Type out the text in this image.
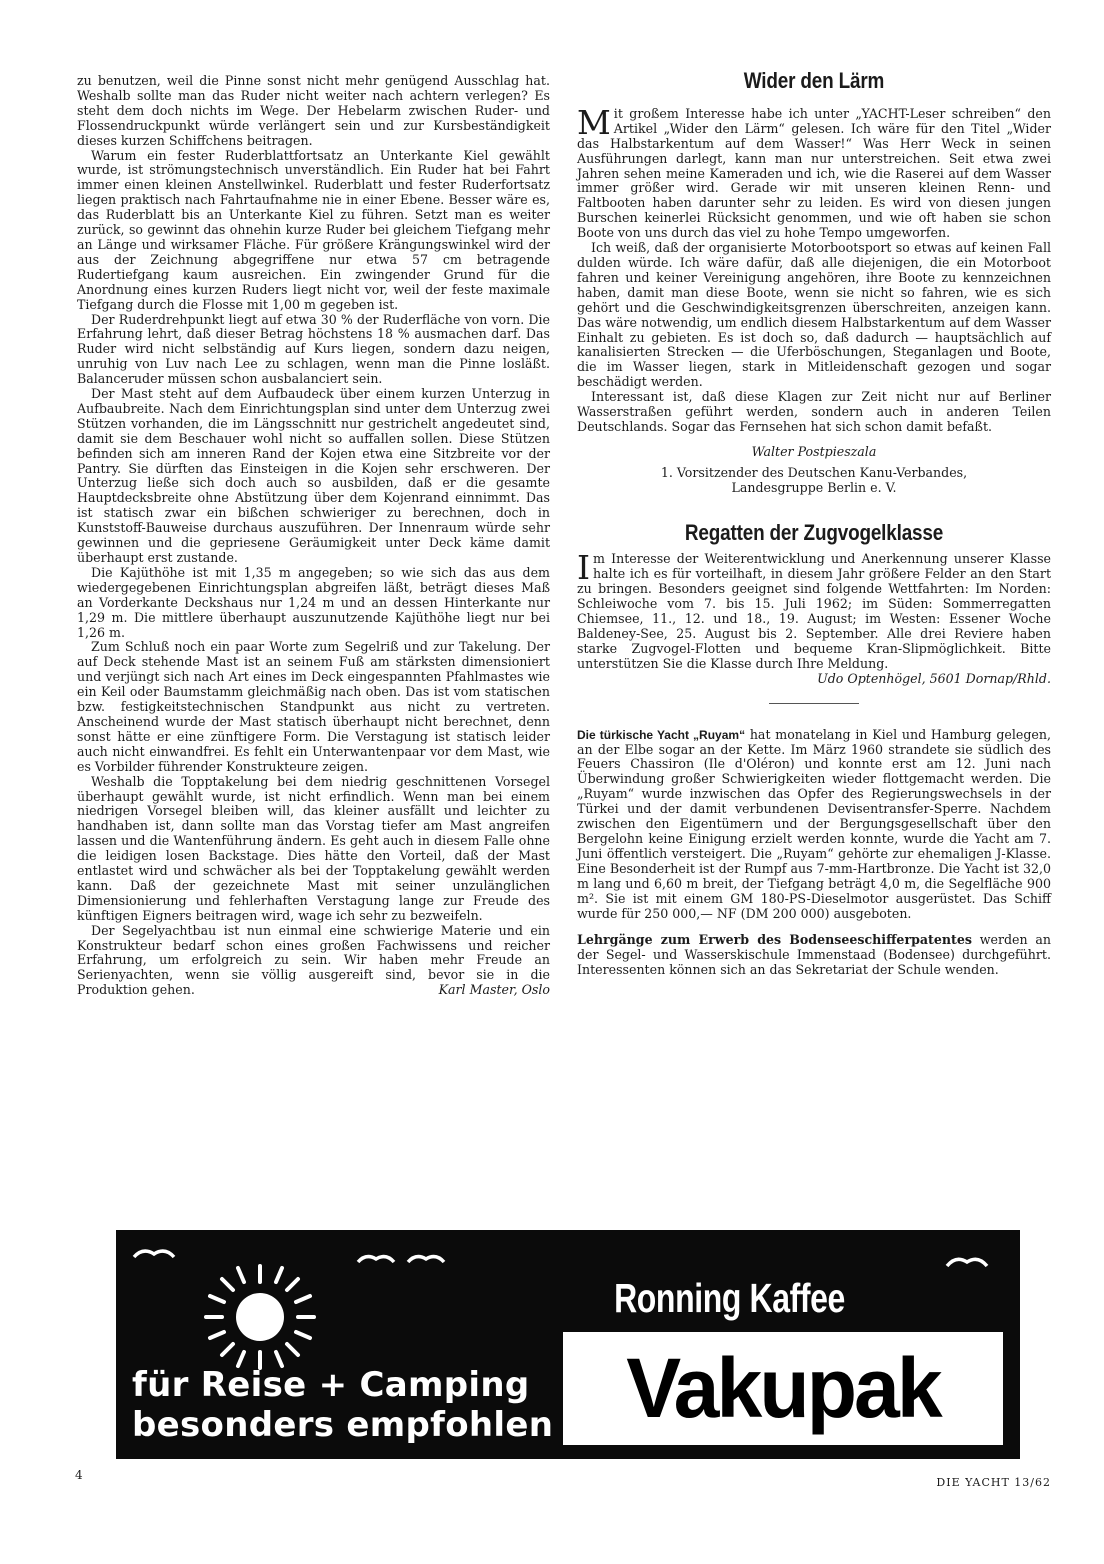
zu benutzen, weil die Pinne sonst nicht mehr genügend Ausschlag hat. Weshalb sollte man das Ruder nicht weiter nach achtern verlegen? Es steht dem doch nichts im Wege. Der Hebelarm zwischen Ruder- und Flossendruckpunkt würde verlängert sein und zur Kursbeständigkeit dieses kurzen Schiffchens beitragen.

Warum ein fester Ruderblattfortsatz an Unterkante Kiel gewählt wurde, ist strömungstechnisch unverständlich. Ein Ruder hat bei Fahrt immer einen kleinen Anstellwinkel. Ruderblatt und fester Ruderfortsatz liegen praktisch nach Fahrtaufnahme nie in einer Ebene. Besser wäre es, das Ruderblatt bis an Unterkante Kiel zu führen. Setzt man es weiter zurück, so gewinnt das ohnehin kurze Ruder bei gleichem Tiefgang mehr an Länge und wirksamer Fläche. Für größere Krängungswinkel wird der aus der Zeichnung abgegriffene nur etwa 57 cm betragende Rudertiefgang kaum ausreichen. Ein zwingender Grund für die Anordnung eines kurzen Ruders liegt nicht vor, weil der feste maximale Tiefgang durch die Flosse mit 1,00 m gegeben ist.

Der Ruderdrehpunkt liegt auf etwa 30 % der Ruderfläche von vorn. Die Erfahrung lehrt, daß dieser Betrag höchstens 18 % ausmachen darf. Das Ruder wird nicht selbständig auf Kurs liegen, sondern dazu neigen, unruhig von Luv nach Lee zu schlagen, wenn man die Pinne losläßt. Balanceruder müssen schon ausbalanciert sein.

Der Mast steht auf dem Aufbaudeck über einem kurzen Unterzug in Aufbaubreite. Nach dem Einrichtungsplan sind unter dem Unterzug zwei Stützen vorhanden, die im Längsschnitt nur gestrichelt angedeutet sind, damit sie dem Beschauer wohl nicht so auffallen sollen. Diese Stützen befinden sich am inneren Rand der Kojen etwa eine Sitzbreite vor der Pantry. Sie dürften das Einsteigen in die Kojen sehr erschweren. Der Unterzug ließe sich doch auch so ausbilden, daß er die gesamte Hauptdecksbreite ohne Abstützung über dem Kojenrand einnimmt. Das ist statisch zwar ein bißchen schwieriger zu berechnen, doch in Kunststoff-Bauweise durchaus auszuführen. Der Innenraum würde sehr gewinnen und die gepriesene Geräumigkeit unter Deck käme damit überhaupt erst zustande.

Die Kajüthöhe ist mit 1,35 m angegeben; so wie sich das aus dem wiedergegebenen Einrichtungsplan abgreifen läßt, beträgt dieses Maß an Vorderkante Deckshaus nur 1,24 m und an dessen Hinterkante nur 1,29 m. Die mittlere überhaupt auszunutzende Kajüthöhe liegt nur bei 1,26 m.

Zum Schluß noch ein paar Worte zum Segelriß und zur Takelung. Der auf Deck stehende Mast ist an seinem Fuß am stärksten dimensioniert und verjüngt sich nach Art eines im Deck eingespannten Pfahlmastes wie ein Keil oder Baumstamm gleichmäßig nach oben. Das ist vom statischen bzw. festigkeitstechnischen Standpunkt aus nicht zu vertreten. Anscheinend wurde der Mast statisch überhaupt nicht berechnet, denn sonst hätte er eine zünftigere Form. Die Verstagung ist statisch leider auch nicht einwandfrei. Es fehlt ein Unterwantenpaar vor dem Mast, wie es Vorbilder führender Konstrukteure zeigen.

Weshalb die Topptakelung bei dem niedrig geschnittenen Vorsegel überhaupt gewählt wurde, ist nicht erfindlich. Wenn man bei einem niedrigen Vorsegel bleiben will, das kleiner ausfällt und leichter zu handhaben ist, dann sollte man das Vorstag tiefer am Mast angreifen lassen und die Wantenführung ändern. Es geht auch in diesem Falle ohne die leidigen losen Backstage. Dies hätte den Vorteil, daß der Mast entlastet wird und schwächer als bei der Topptakelung gewählt werden kann. Daß der gezeichnete Mast mit seiner unzulänglichen Dimensionierung und fehlerhaften Verstagung lange zur Freude des künftigen Eigners beitragen wird, wage ich sehr zu bezweifeln.

Der Segelyachtbau ist nun einmal eine schwierige Materie und ein Konstrukteur bedarf schon eines großen Fachwissens und reicher Erfahrung, um erfolgreich zu sein. Wir haben mehr Freude an Serienyachten, wenn sie völlig ausgereift sind, bevor sie in die Produktion gehen.	Karl Master, Oslo

Wider den Lärm

Mit großem Interesse habe ich unter „YACHT-Leser schreiben“ den Artikel „Wider den Lärm“ gelesen. Ich wäre für den Titel „Wider das Halbstarkentum auf dem Wasser!“ Was Herr Weck in seinen Ausführungen darlegt, kann man nur unterstreichen. Seit etwa zwei Jahren sehen meine Kameraden und ich, wie die Raserei auf dem Wasser immer größer wird. Gerade wir mit unseren kleinen Renn- und Faltbooten haben darunter sehr zu leiden. Es wird von diesen jungen Burschen keinerlei Rücksicht genommen, und wie oft haben sie schon Boote von uns durch das viel zu hohe Tempo umgeworfen.

Ich weiß, daß der organisierte Motorbootsport so etwas auf keinen Fall dulden würde. Ich wäre dafür, daß alle diejenigen, die ein Motorboot fahren und keiner Vereinigung angehören, ihre Boote zu kennzeichnen haben, damit man diese Boote, wenn sie nicht so fahren, wie es sich gehört und die Geschwindigkeitsgrenzen überschreiten, anzeigen kann. Das wäre notwendig, um endlich diesem Halbstarkentum auf dem Wasser Einhalt zu gebieten. Es ist doch so, daß dadurch — hauptsächlich auf kanalisierten Strecken — die Uferböschungen, Steganlagen und Boote, die im Wasser liegen, stark in Mitleidenschaft gezogen und sogar beschädigt werden.

Interessant ist, daß diese Klagen zur Zeit nicht nur auf Berliner Wasserstraßen geführt werden, sondern auch in anderen Teilen Deutschlands. Sogar das Fernsehen hat sich schon damit befaßt.

Walter Postpieszala
1. Vorsitzender des Deutschen Kanu-Verbandes,
Landesgruppe Berlin e. V.
Regatten der Zugvogelklasse

Im Interesse der Weiterentwicklung und Anerkennung unserer Klasse halte ich es für vorteilhaft, in diesem Jahr größere Felder an den Start zu bringen. Besonders geeignet sind folgende Wettfahrten: Im Norden: Schleiwoche vom 7. bis 15. Juli 1962; im Süden: Sommerregatten Chiemsee, 11., 12. und 18., 19. August; im Westen: Essener Woche Baldeney-See, 25. August bis 2. September. Alle drei Reviere haben starke Zugvogel-Flotten und bequeme Kran-Slipmöglichkeit. Bitte unterstützen Sie die Klasse durch Ihre Meldung.

Udo Optenhögel, 5601 Dornap/Rhld.

Die türkische Yacht „Ruyam“ hat monatelang in Kiel und Hamburg gelegen, an der Elbe sogar an der Kette. Im März 1960 strandete sie südlich des Feuers Chassiron (Ile d'Oléron) und konnte erst am 12. Juni nach Überwindung großer Schwierigkeiten wieder flottgemacht werden. Die „Ruyam“ wurde inzwischen das Opfer des Regierungswechsels in der Türkei und der damit verbundenen Devisentransfer-Sperre. Nachdem zwischen den Eigentümern und der Bergungsgesellschaft über den Bergelohn keine Einigung erzielt werden konnte, wurde die Yacht am 7. Juni öffentlich versteigert. Die „Ruyam“ gehörte zur ehemaligen J-Klasse. Eine Besonderheit ist der Rumpf aus 7-mm-Hartbronze. Die Yacht ist 32,0 m lang und 6,60 m breit, der Tiefgang beträgt 4,0 m, die Segelfläche 900 m². Sie ist mit einem GM 180-PS-Dieselmotor ausgerüstet. Das Schiff wurde für 250 000,— NF (DM 200 000) ausgeboten.

Lehrgänge zum Erwerb des Bodenseeschifferpatentes werden an der Segel- und Wasserskischule Immenstaad (Bodensee) durchgeführt. Interessenten können sich an das Sekretariat der Schule wenden.

Ronning Kaffee
Vakupak
für Reise + Camping
besonders empfohlen
4
DIE YACHT 13/62
